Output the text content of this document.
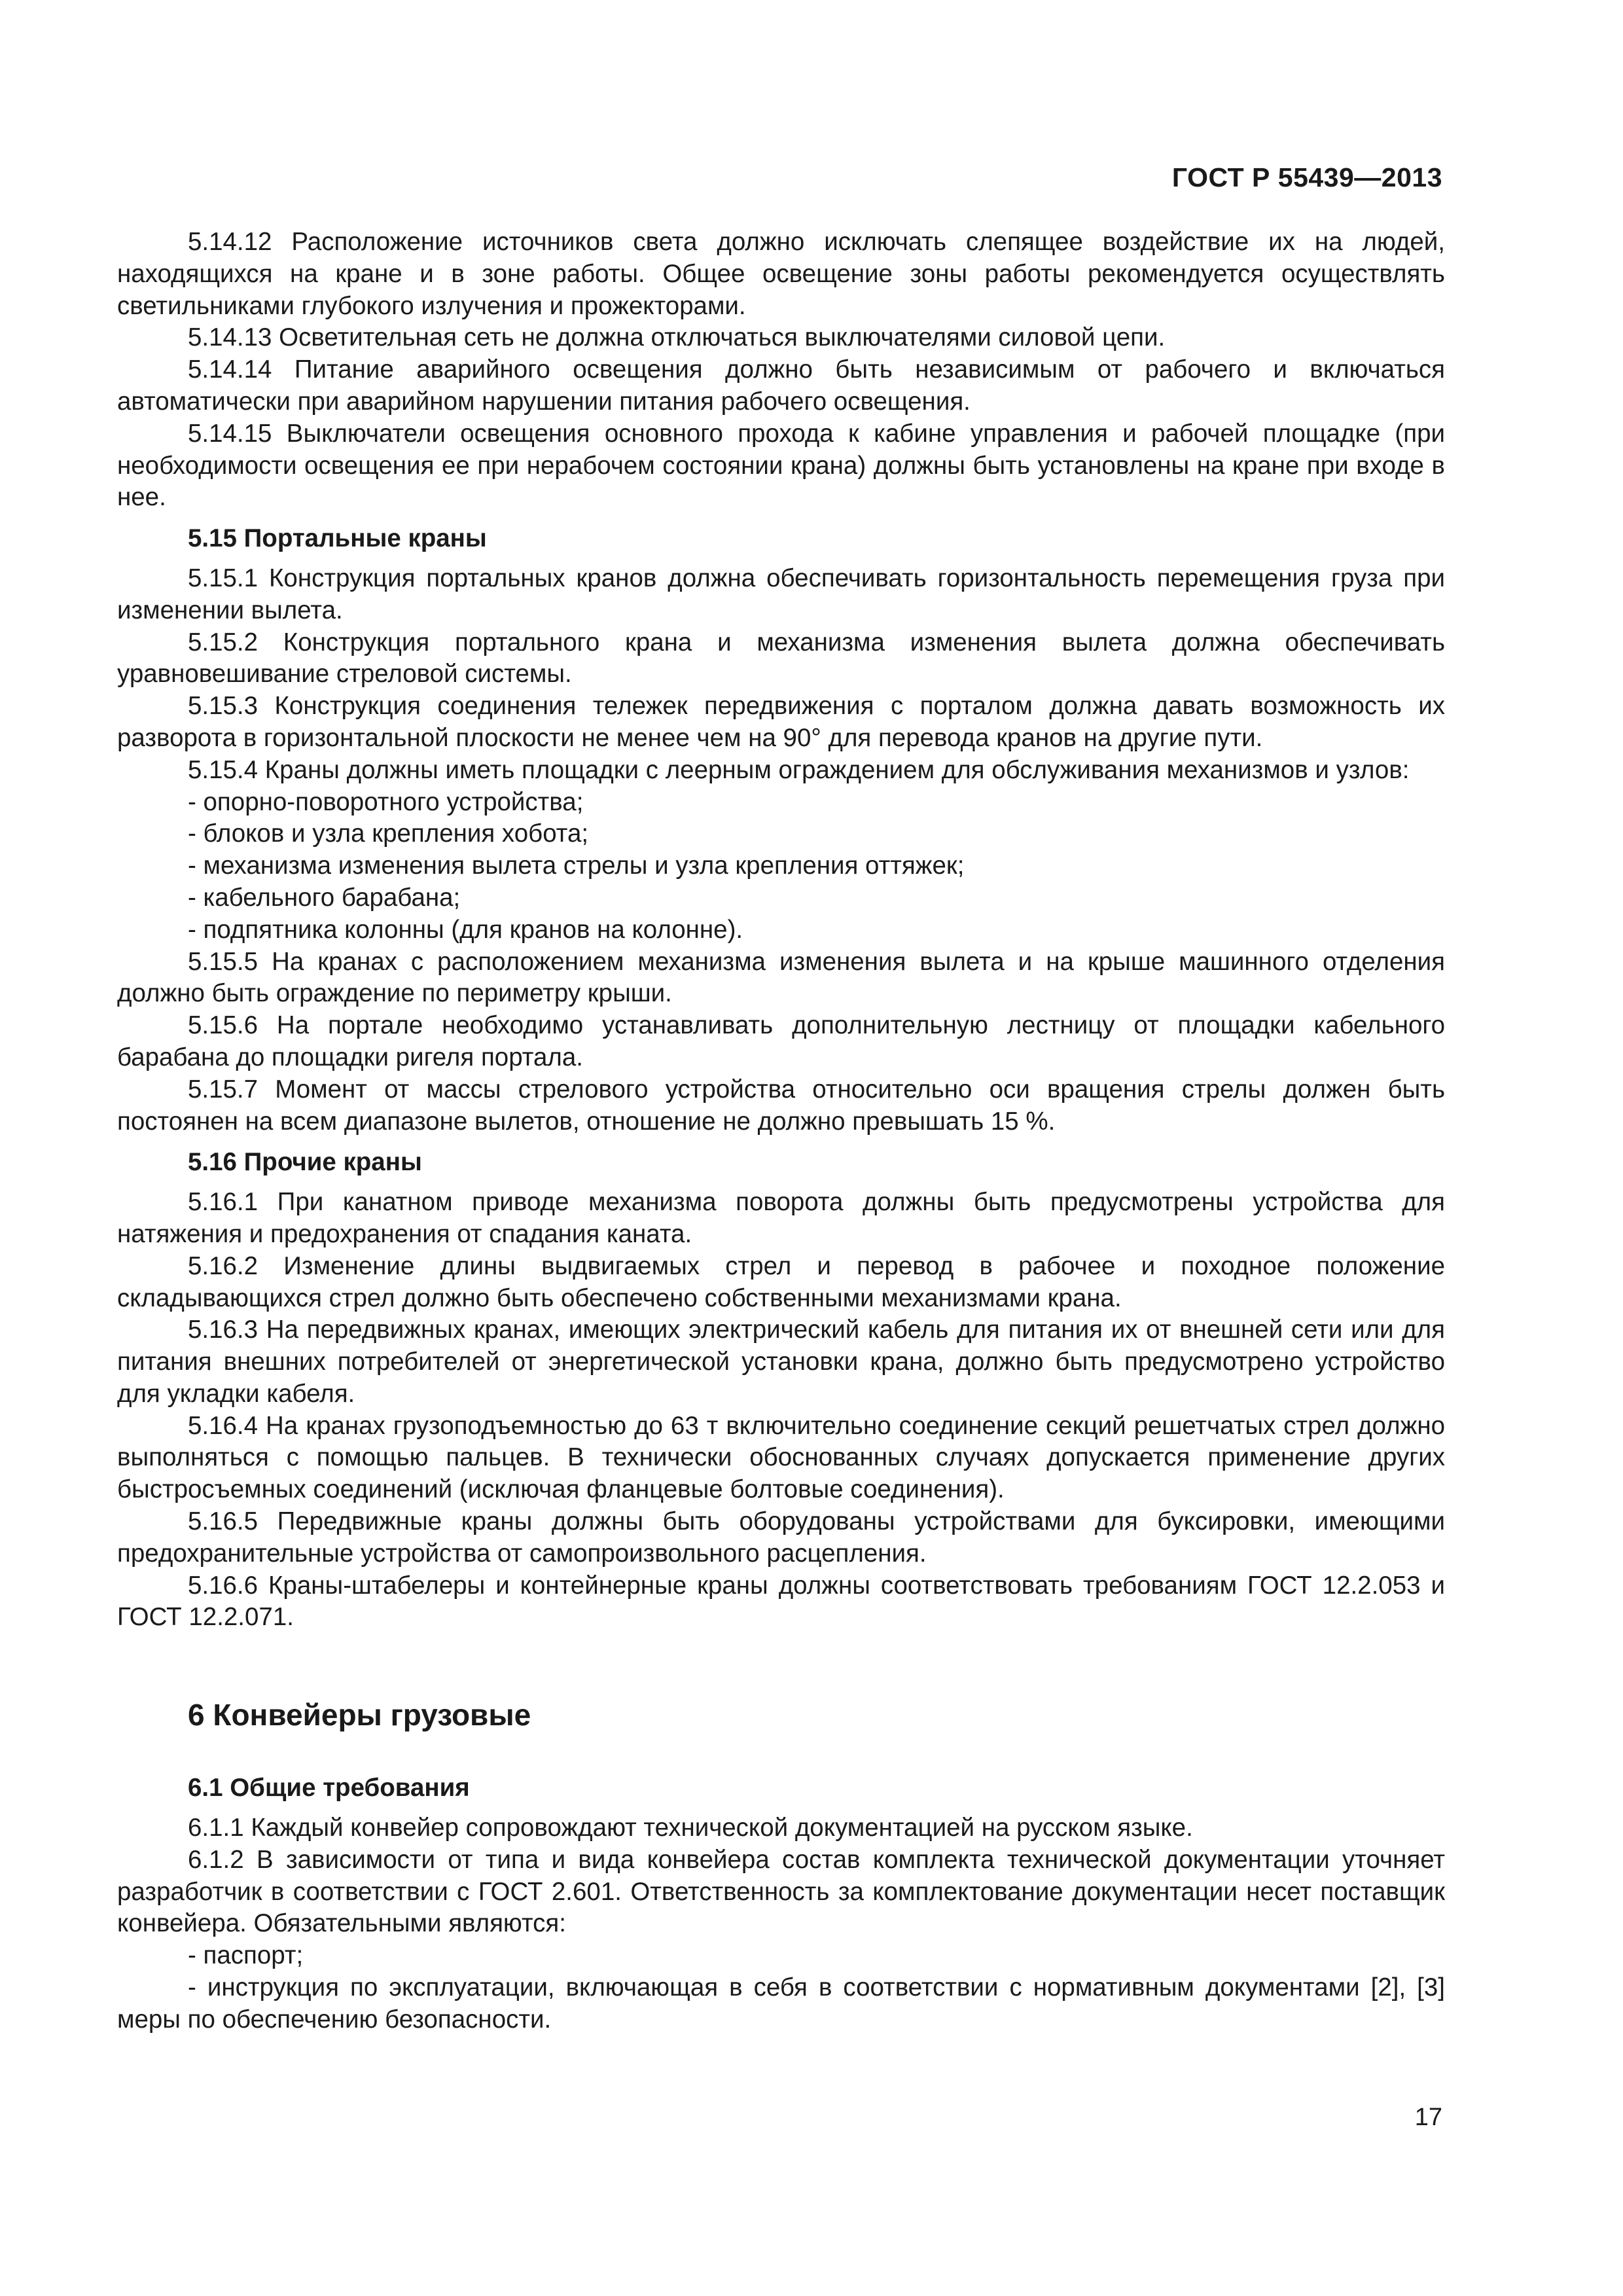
ГОСТ Р 55439—2013

5.14.12 Расположение источников света должно исключать слепящее воздействие их на людей, находящихся на кране и в зоне работы. Общее освещение зоны работы рекомендуется осуществлять светильниками глубокого излучения и прожекторами.

5.14.13 Осветительная сеть не должна отключаться выключателями силовой цепи.

5.14.14 Питание аварийного освещения должно быть независимым от рабочего и включаться автоматически при аварийном нарушении питания рабочего освещения.

5.14.15 Выключатели освещения основного прохода к кабине управления и рабочей площадке (при необходимости освещения ее при нерабочем состоянии крана) должны быть установлены на кране при входе в нее.

5.15 Портальные краны

5.15.1 Конструкция портальных кранов должна обеспечивать горизонтальность перемещения груза при изменении вылета.

5.15.2 Конструкция портального крана и механизма изменения вылета должна обеспечивать уравновешивание стреловой системы.

5.15.3 Конструкция соединения тележек передвижения с порталом должна давать возможность их разворота в горизонтальной плоскости не менее чем на 90° для перевода кранов на другие пути.

5.15.4 Краны должны иметь площадки с леерным ограждением для обслуживания механизмов и узлов:

- опорно-поворотного устройства;
- блоков и узла крепления хобота;
- механизма изменения вылета стрелы и узла крепления оттяжек;
- кабельного барабана;
- подпятника колонны (для кранов на колонне).

5.15.5 На кранах с расположением механизма изменения вылета и на крыше машинного отделения должно быть ограждение по периметру крыши.

5.15.6 На портале необходимо устанавливать дополнительную лестницу от площадки кабельного барабана до площадки ригеля портала.

5.15.7 Момент от массы стрелового устройства относительно оси вращения стрелы должен быть постоянен на всем диапазоне вылетов, отношение не должно превышать 15 %.

5.16 Прочие краны

5.16.1 При канатном приводе механизма поворота должны быть предусмотрены устройства для натяжения и предохранения от спадания каната.

5.16.2 Изменение длины выдвигаемых стрел и перевод в рабочее и походное положение складывающихся стрел должно быть обеспечено собственными механизмами крана.

5.16.3 На передвижных кранах, имеющих электрический кабель для питания их от внешней сети или для питания внешних потребителей от энергетической установки крана, должно быть предусмотрено устройство для укладки кабеля.

5.16.4 На кранах грузоподъемностью до 63 т включительно соединение секций решетчатых стрел должно выполняться с помощью пальцев. В технически обоснованных случаях допускается применение других быстросъемных соединений (исключая фланцевые болтовые соединения).

5.16.5 Передвижные краны должны быть оборудованы устройствами для буксировки, имеющими предохранительные устройства от самопроизвольного расцепления.

5.16.6 Краны-штабелеры и контейнерные краны должны соответствовать требованиям ГОСТ 12.2.053 и ГОСТ 12.2.071.

6 Конвейеры грузовые
6.1 Общие требования

6.1.1 Каждый конвейер сопровождают технической документацией на русском языке.

6.1.2 В зависимости от типа и вида конвейера состав комплекта технической документации уточняет разработчик в соответствии с ГОСТ 2.601. Ответственность за комплектование документации несет поставщик конвейера. Обязательными являются:

- паспорт;

- инструкция по эксплуатации, включающая в себя в соответствии с нормативным документами [2], [3] меры по обеспечению безопасности.

17
